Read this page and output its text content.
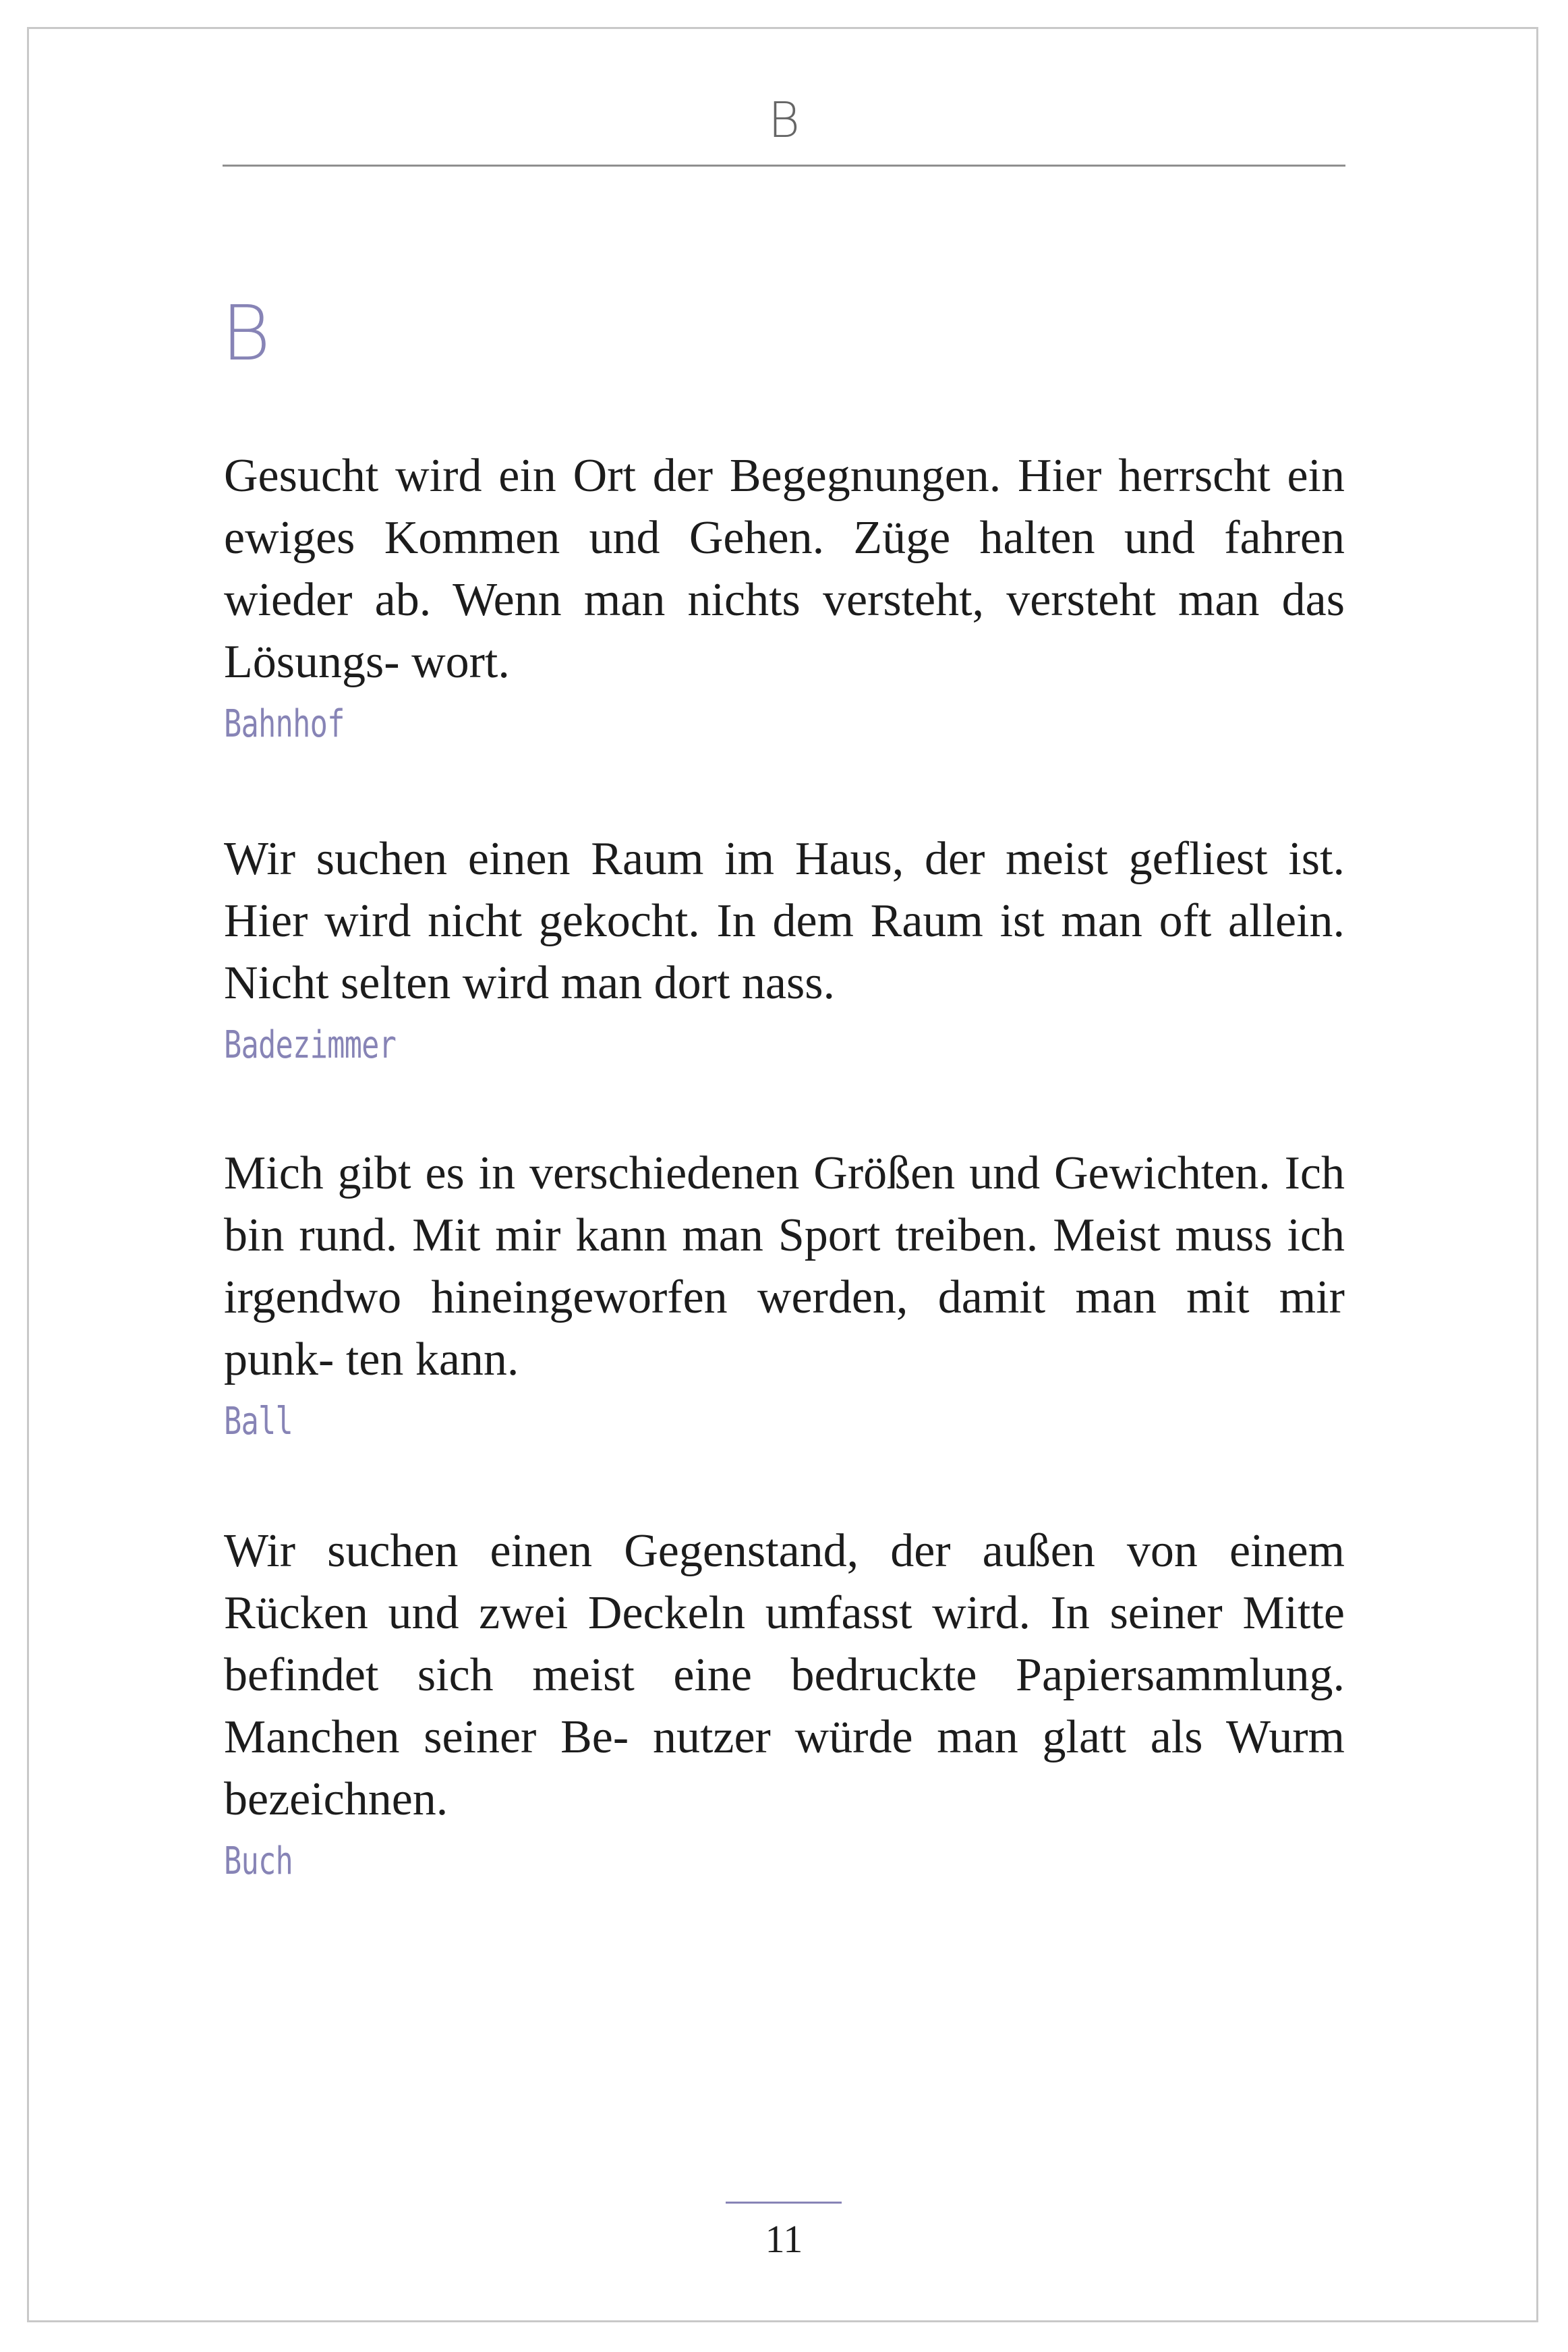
B
B

Gesucht wird ein Ort der Begegnungen. Hier herrscht ein ewiges Kommen und Gehen. Züge halten und fahren wieder ab. Wenn man nichts versteht, versteht man das Lösungs- wort.

Bahnhof

Wir suchen einen Raum im Haus, der meist gefliest ist. Hier wird nicht gekocht. In dem Raum ist man oft allein. Nicht selten wird man dort nass.

Badezimmer

Mich gibt es in verschiedenen Größen und Gewichten. Ich bin rund. Mit mir kann man Sport treiben. Meist muss ich irgendwo hineingeworfen werden, damit man mit mir punk- ten kann.

Ball

Wir suchen einen Gegenstand, der außen von einem Rücken und zwei Deckeln umfasst wird. In seiner Mitte befindet sich meist eine bedruckte Papiersammlung. Manchen seiner Be- nutzer würde man glatt als Wurm bezeichnen.

Buch
11
